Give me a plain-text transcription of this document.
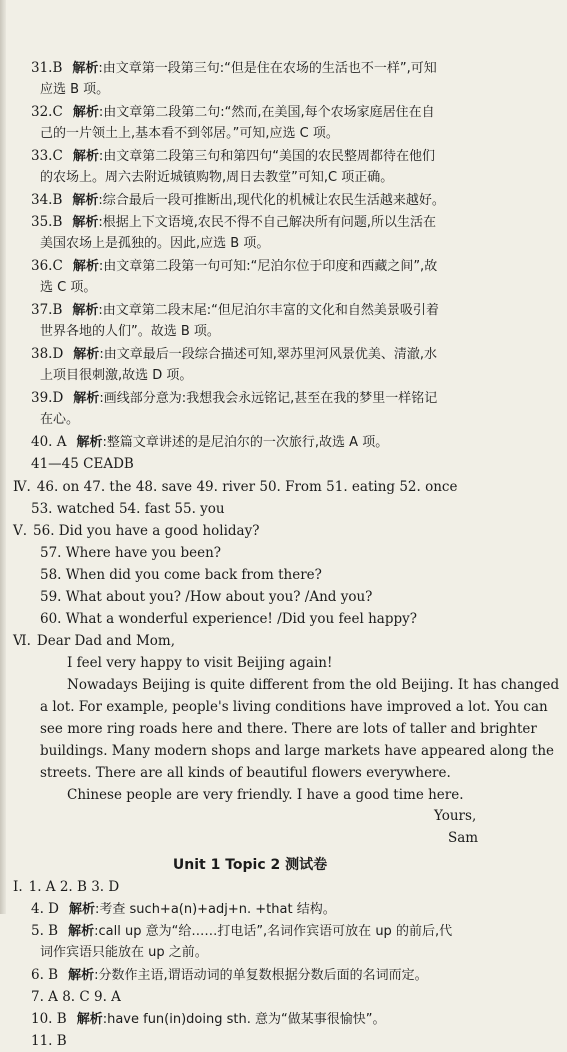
31.B 解析:由文章第一段第三句:“但是住在农场的生活也不一样”,可知
应选 B 项。
32.C 解析:由文章第二段第二句:“然而,在美国,每个农场家庭居住在自
己的一片领土上,基本看不到邻居。”可知,应选 C 项。
33.C 解析:由文章第二段第三句和第四句“美国的农民整周都待在他们
的农场上。周六去附近城镇购物,周日去教堂”可知,C 项正确。
34.B 解析:综合最后一段可推断出,现代化的机械让农民生活越来越好。
35.B 解析:根据上下文语境,农民不得不自己解决所有问题,所以生活在
美国农场上是孤独的。因此,应选 B 项。
36.C 解析:由文章第二段第一句可知:“尼泊尔位于印度和西藏之间”,故
选 C 项。
37.B 解析:由文章第二段末尾:“但尼泊尔丰富的文化和自然美景吸引着
世界各地的人们”。故选 B 项。
38.D 解析:由文章最后一段综合描述可知,翠苏里河风景优美、清澈,水
上项目很刺激,故选 D 项。
39.D 解析:画线部分意为:我想我会永远铭记,甚至在我的梦里一样铭记
在心。
40. A 解析:整篇文章讲述的是尼泊尔的一次旅行,故选 A 项。
41—45 CEADB
Ⅳ. 46. on 47. the 48. save 49. river 50. From 51. eating 52. once
53. watched 54. fast 55. you
Ⅴ. 56. Did you have a good holiday?
57. Where have you been?
58. When did you come back from there?
59. What about you? /How about you? /And you?
60. What a wonderful experience! /Did you feel happy?
Ⅵ. Dear Dad and Mom,
I feel very happy to visit Beijing again!
Nowadays Beijing is quite different from the old Beijing. It has changed
a lot. For example, people's living conditions have improved a lot. You can
see more ring roads here and there. There are lots of taller and brighter
buildings. Many modern shops and large markets have appeared along the
streets. There are all kinds of beautiful flowers everywhere.
Chinese people are very friendly. I have a good time here.
Yours,
Sam
Unit 1 Topic 2 测试卷
Ⅰ. 1. A 2. B 3. D
4. D 解析:考查 such+a(n)+adj+n. +that 结构。
5. B 解析:call up 意为“给……打电话”,名词作宾语可放在 up 的前后,代
词作宾语只能放在 up 之前。
6. B 解析:分数作主语,谓语动词的单复数根据分数后面的名词而定。
7. A 8. C 9. A
10. B 解析:have fun(in)doing sth. 意为“做某事很愉快”。
11. B
